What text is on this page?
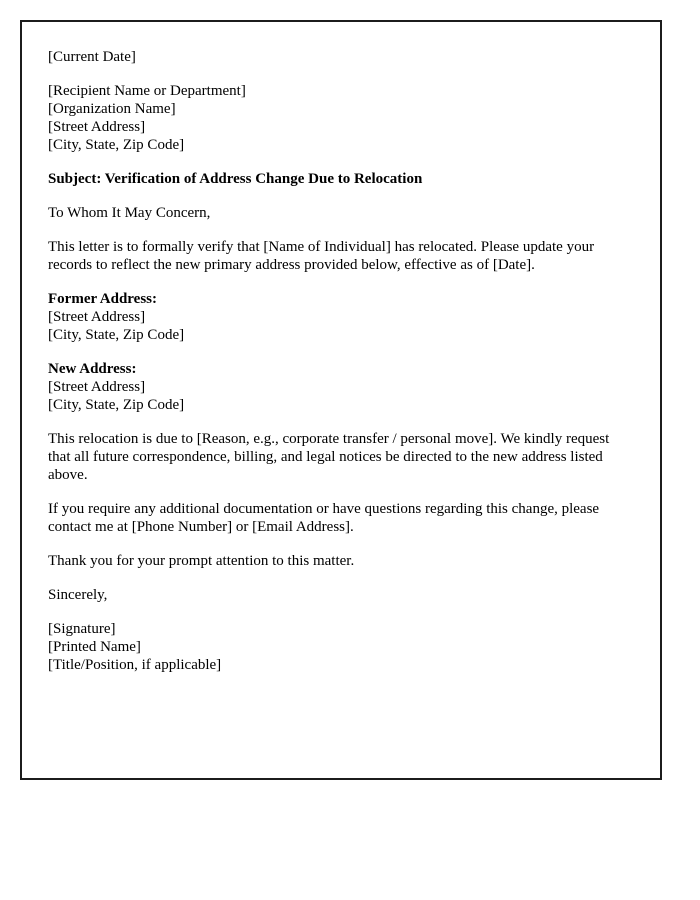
[Current Date]

[Recipient Name or Department]

[Organization Name]

[Street Address]

[City, State, Zip Code]

Subject: Verification of Address Change Due to Relocation

To Whom It May Concern,

This letter is to formally verify that [Name of Individual] has relocated. Please update your records to reflect the new primary address provided below, effective as of [Date].

Former Address:

[Street Address]

[City, State, Zip Code]

New Address:

[Street Address]

[City, State, Zip Code]

This relocation is due to [Reason, e.g., corporate transfer / personal move]. We kindly request that all future correspondence, billing, and legal notices be directed to the new address listed above.

If you require any additional documentation or have questions regarding this change, please contact me at [Phone Number] or [Email Address].

Thank you for your prompt attention to this matter.

Sincerely,

[Signature]

[Printed Name]

[Title/Position, if applicable]
